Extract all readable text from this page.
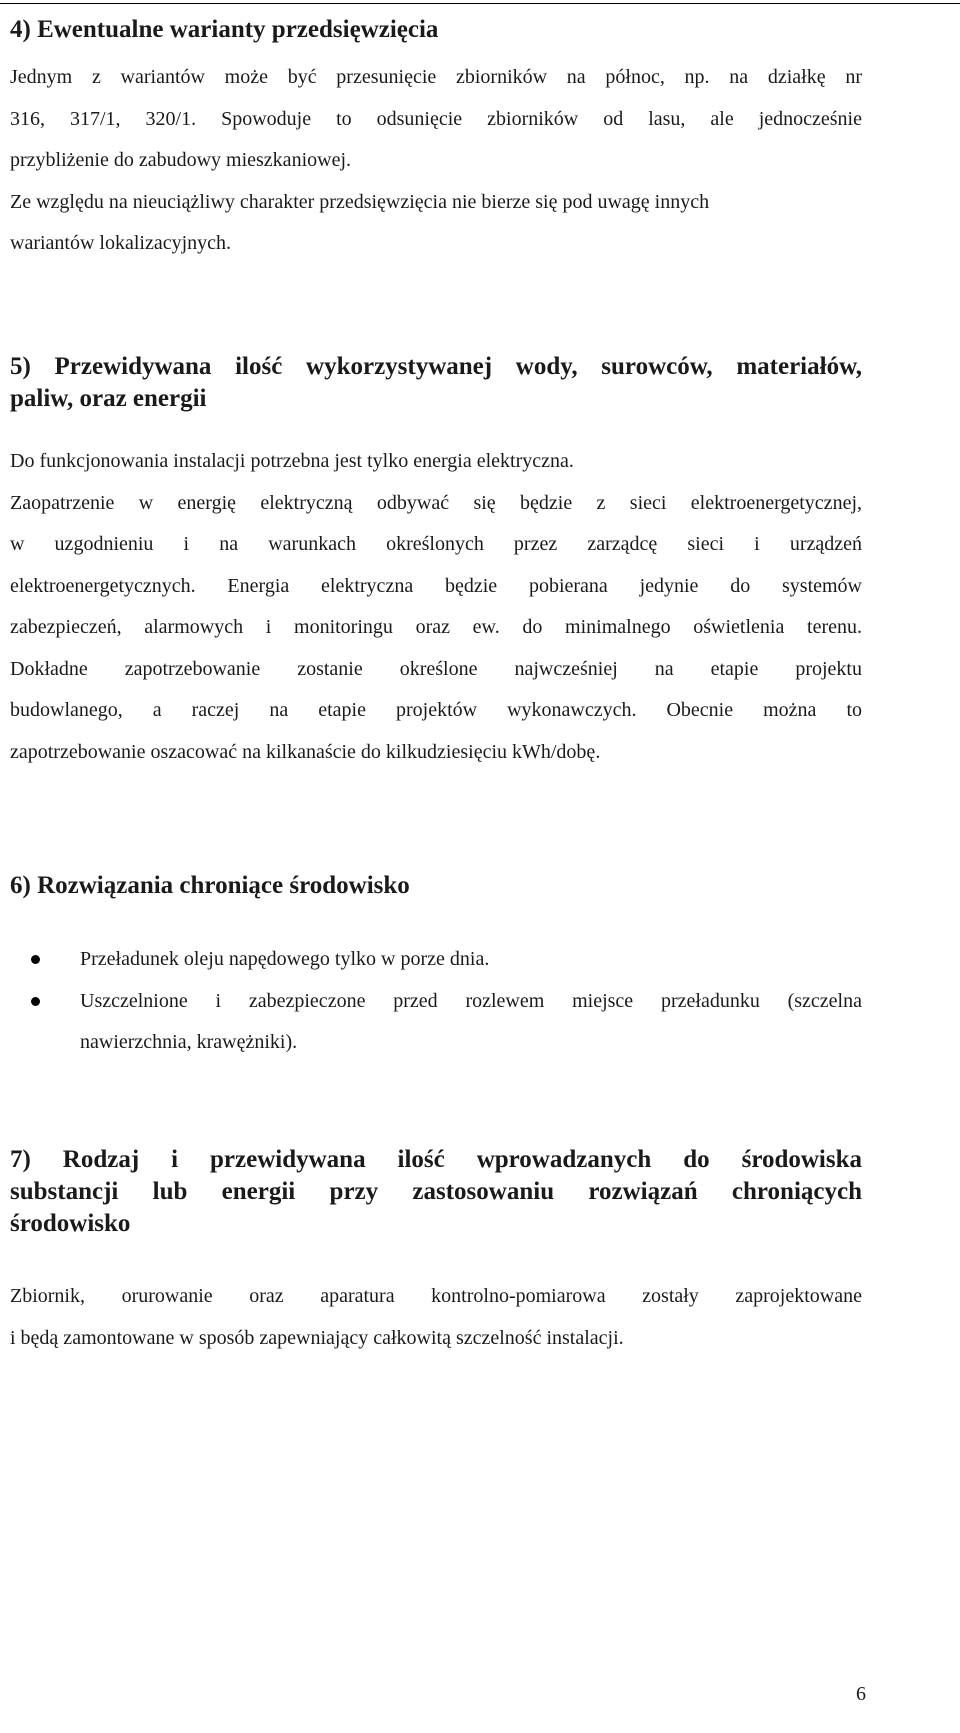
4) Ewentualne warianty przedsięwzięcia
Jednym z wariantów może być przesunięcie zbiorników na północ, np. na działkę nr
316, 317/1, 320/1. Spowoduje to odsunięcie zbiorników od lasu, ale jednocześnie
przybliżenie do zabudowy mieszkaniowej.
Ze względu na nieuciążliwy charakter przedsięwzięcia nie bierze się pod uwagę innych
wariantów lokalizacyjnych.
5) Przewidywana ilość wykorzystywanej wody, surowców, materiałów,
paliw, oraz energii
Do funkcjonowania instalacji potrzebna jest tylko energia elektryczna.
Zaopatrzenie w energię elektryczną odbywać się będzie z sieci elektroenergetycznej,
w uzgodnieniu i na warunkach określonych przez zarządcę sieci i urządzeń
elektroenergetycznych. Energia elektryczna będzie pobierana jedynie do systemów
zabezpieczeń, alarmowych i monitoringu oraz ew. do minimalnego oświetlenia terenu.
Dokładne zapotrzebowanie zostanie określone najwcześniej na etapie projektu
budowlanego, a raczej na etapie projektów wykonawczych. Obecnie można to
zapotrzebowanie oszacować na kilkanaście do kilkudziesięciu kWh/dobę.
6) Rozwiązania chroniące środowisko
Przeładunek oleju napędowego tylko w porze dnia.
Uszczelnione i zabezpieczone przed rozlewem miejsce przeładunku (szczelna
nawierzchnia, krawężniki).
7) Rodzaj i przewidywana ilość wprowadzanych do środowiska
substancji lub energii przy zastosowaniu rozwiązań chroniących
środowisko
Zbiornik, orurowanie oraz aparatura kontrolno-pomiarowa zostały zaprojektowane
i będą zamontowane w sposób zapewniający całkowitą szczelność instalacji.
6
